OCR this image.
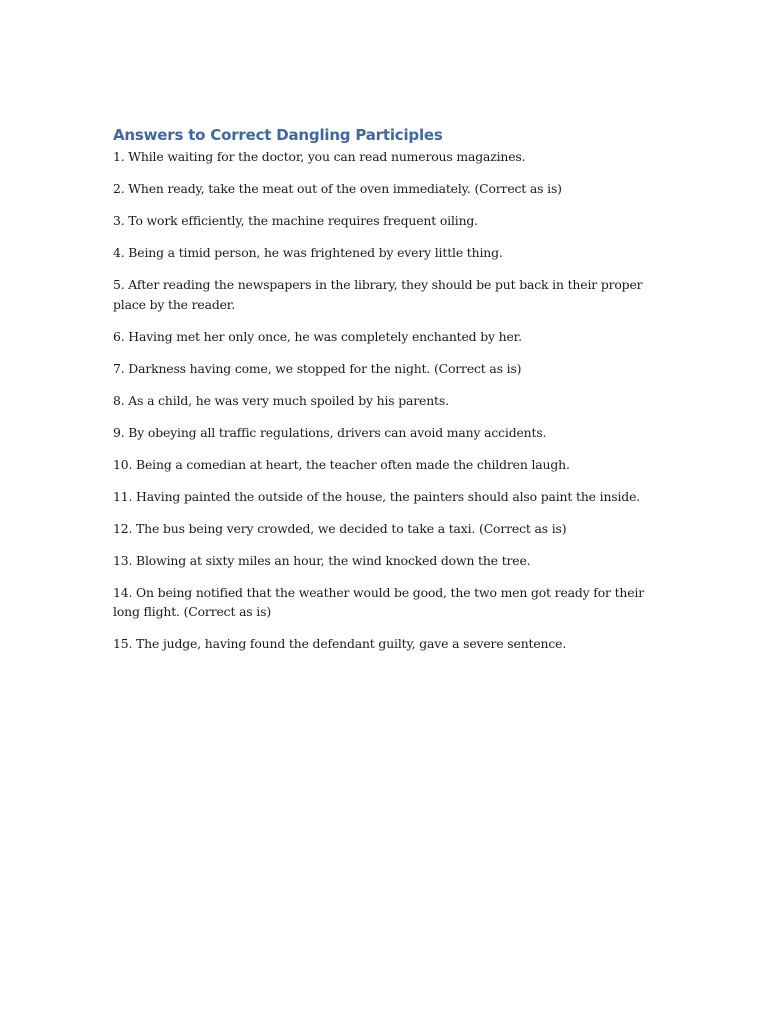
Answers to Correct Dangling Participles
1. While waiting for the doctor, you can read numerous magazines.
2. When ready, take the meat out of the oven immediately. (Correct as is)
3. To work efficiently, the machine requires frequent oiling.
4. Being a timid person, he was frightened by every little thing.
5. After reading the newspapers in the library, they should be put back in their proper place by the reader.
6. Having met her only once, he was completely enchanted by her.
7. Darkness having come, we stopped for the night. (Correct as is)
8. As a child, he was very much spoiled by his parents.
9. By obeying all traffic regulations, drivers can avoid many accidents.
10. Being a comedian at heart, the teacher often made the children laugh.
11. Having painted the outside of the house, the painters should also paint the inside.
12. The bus being very crowded, we decided to take a taxi. (Correct as is)
13. Blowing at sixty miles an hour, the wind knocked down the tree.
14. On being notified that the weather would be good, the two men got ready for their long flight. (Correct as is)
15. The judge, having found the defendant guilty, gave a severe sentence.
